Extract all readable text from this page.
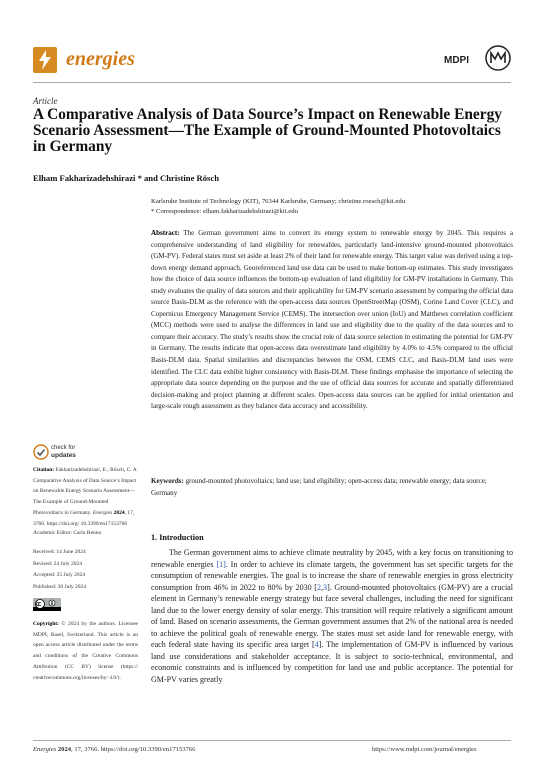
energies	MDPI
Article
A Comparative Analysis of Data Source’s Impact on Renewable Energy Scenario Assessment—The Example of Ground-Mounted Photovoltaics in Germany
Elham Fakharizadehshirazi * and Christine Rösch
Karlsruhe Institute of Technology (KIT), 76344 Karlsruhe, Germany; christine.roesch@kit.edu
* Correspondence: elham.fakharizadehshirazi@kit.edu
Abstract: The German government aims to convert its energy system to renewable energy by 2045. This requires a comprehensive understanding of land eligibility for renewables, particularly land-intensive ground-mounted photovoltaics (GM-PV). Federal states must set aside at least 2% of their land for renewable energy. This target value was derived using a top-down energy demand approach. Georeferenced land use data can be used to make bottom-up estimates. This study investigates how the choice of data source influences the bottom-up evaluation of land eligibility for GM-PV installations in Germany. This study evaluates the quality of data sources and their applicability for GM-PV scenario assessment by comparing the official data source Basis-DLM as the reference with the open-access data sources OpenStreetMap (OSM), Corine Land Cover (CLC), and Copernicus Emergency Management Service (CEMS). The intersection over union (IoU) and Matthews correlation coefficient (MCC) methods were used to analyse the differences in land use and eligibility due to the quality of the data sources and to compare their accuracy. The study’s results show the crucial role of data source selection in estimating the potential for GM-PV in Germany. The results indicate that open-access data overestimate land eligibility by 4.0% to 4.5% compared to the official Basis-DLM data. Spatial similarities and discrepancies between the OSM, CEMS CLC, and Basis-DLM land uses were identified. The CLC data exhibit higher consistency with Basis-DLM. These findings emphasise the importance of selecting the appropriate data source depending on the purpose and the use of official data sources for accurate and spatially differentiated decision-making and project planning at different scales. Open-access data sources can be applied for initial orientation and large-scale rough assessment as they balance data accuracy and accessibility.
Keywords: ground-mounted photovoltaics; land use; land eligibility; open-access data; renewable energy; data source; Germany
1. Introduction

The German government aims to achieve climate neutrality by 2045, with a key focus on transitioning to renewable energies [1]. In order to achieve its climate targets, the government has set specific targets for the consumption of renewable energies. The goal is to increase the share of renewable energies in gross electricity consumption from 46% in 2022 to 80% by 2030 [2,3]. Ground-mounted photovoltaics (GM-PV) are a crucial element in Germany’s renewable energy strategy but face several challenges, including the need for significant land due to the lower energy density of solar energy. This transition will require relatively a significant amount of land. Based on scenario assessments, the German government assumes that 2% of the national area is needed to achieve the political goals of renewable energy. The states must set aside land for renewable energy, with each federal state having its specific area target [4]. The implementation of GM-PV is influenced by various land use considerations and stakeholder acceptance. It is subject to socio-technical, environmental, and economic constraints and is influenced by competition for land use and public acceptance. The potential for GM-PV varies greatly

check for
updates
Citation: Fakharizadehshirazi, E.; Rösch, C. A Comparative Analysis of Data Source’s Impact on Renewable Energy Scenario Assessment—The Example of Ground-Mounted Photovoltaics in Germany. Energies 2024, 17, 3766. https://doi.org/ 10.3390/en17153766
Academic Editor: Carlo Renno
Received: 14 June 2024
Revised: 24 July 2024
Accepted: 25 July 2024
Published: 30 July 2024
Copyright: © 2024 by the authors. Licensee MDPI, Basel, Switzerland. This article is an open access article distributed under the terms and conditions of the Creative Commons Attribution (CC BY) license (https:// creativecommons.org/licenses/by/ 4.0/).
Energies 2024, 17, 3766. https://doi.org/10.3390/en17153766	https://www.mdpi.com/journal/energies
